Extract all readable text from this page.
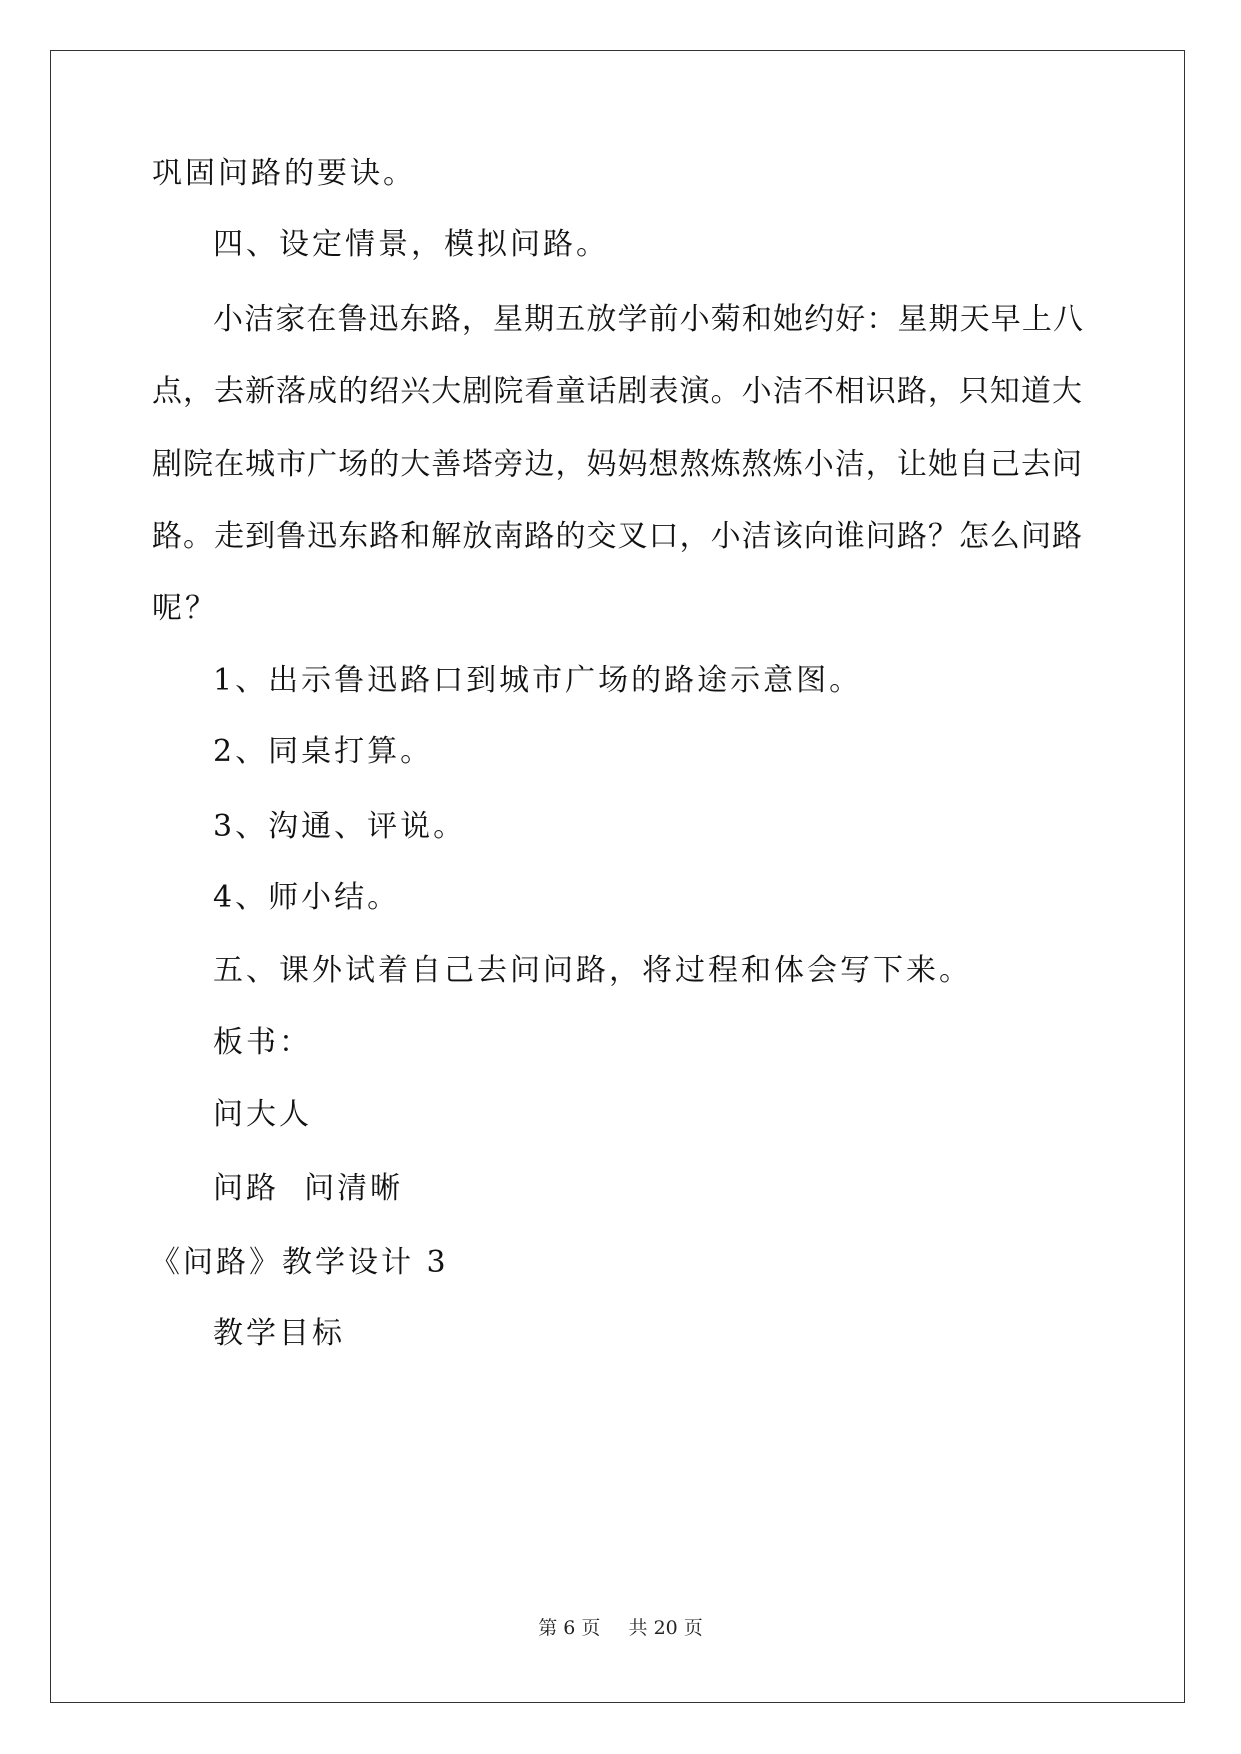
巩固问路的要诀。
四、设定情景，模拟问路。
小洁家在鲁迅东路，星期五放学前小菊和她约好：星期天早上八
点，去新落成的绍兴大剧院看童话剧表演。小洁不相识路，只知道大
剧院在城市广场的大善塔旁边，妈妈想熬炼熬炼小洁，让她自己去问
路。走到鲁迅东路和解放南路的交叉口，小洁该向谁问路？怎么问路
呢？
1、出示鲁迅路口到城市广场的路途示意图。
2、同桌打算。
3、沟通、评说。
4、师小结。
五、课外试着自己去问问路，将过程和体会写下来。
板书：
问大人
问路  问清晰
《问路》教学设计 3
教学目标
第 6 页 共 20 页
